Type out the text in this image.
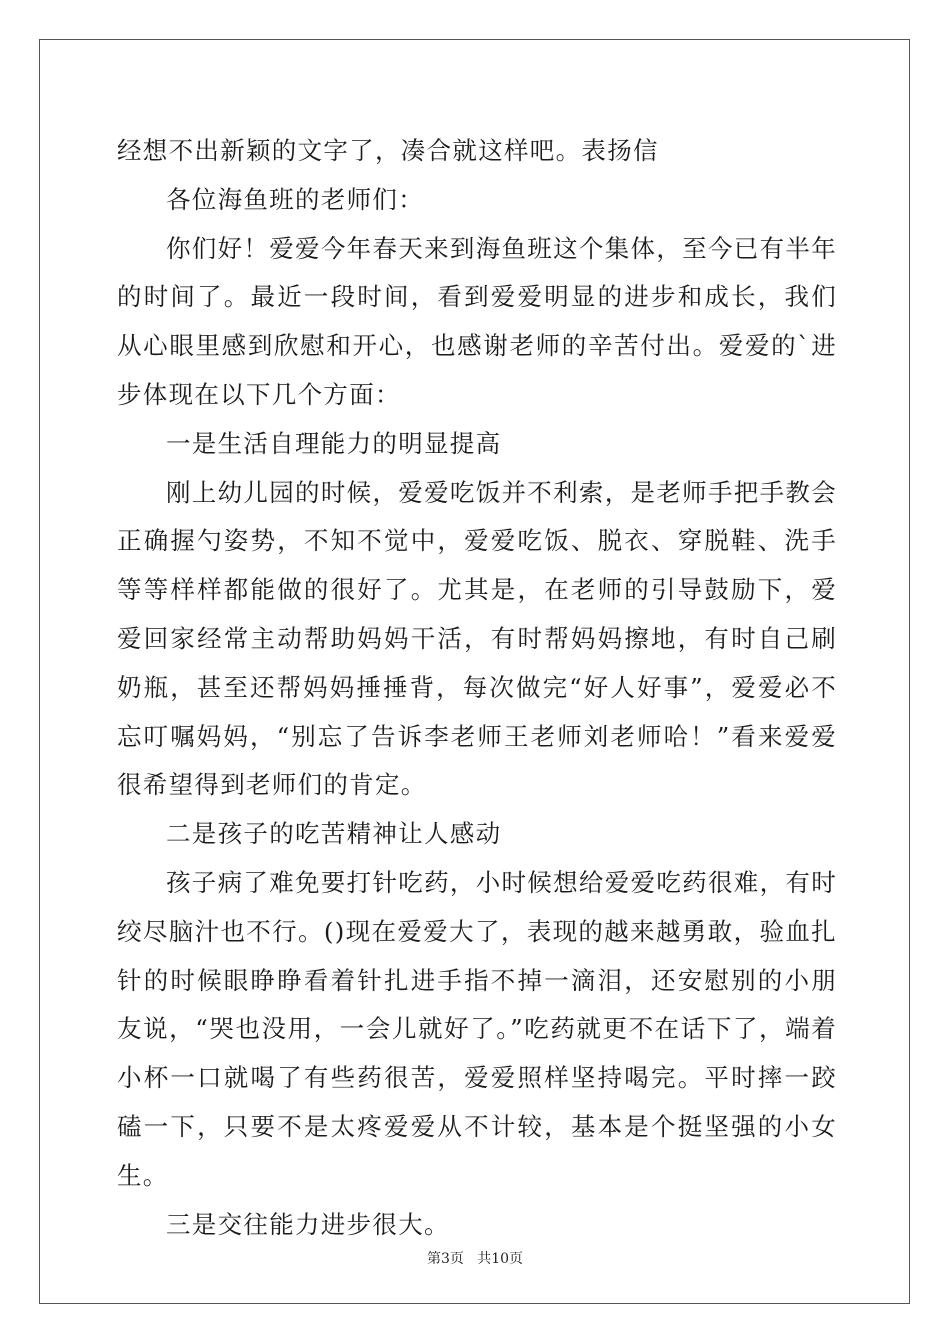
经想不出新颖的文字了，凑合就这样吧。表扬信

各位海鱼班的老师们：

你们好！爱爱今年春天来到海鱼班这个集体，至今已有半年的时间了。最近一段时间，看到爱爱明显的进步和成长，我们从心眼里感到欣慰和开心，也感谢老师的辛苦付出。爱爱的`进步体现在以下几个方面：

一是生活自理能力的明显提高

刚上幼儿园的时候，爱爱吃饭并不利索，是老师手把手教会正确握勺姿势，不知不觉中，爱爱吃饭、脱衣、穿脱鞋、洗手等等样样都能做的很好了。尤其是，在老师的引导鼓励下，爱爱回家经常主动帮助妈妈干活，有时帮妈妈擦地，有时自己刷奶瓶，甚至还帮妈妈捶捶背，每次做完“好人好事”，爱爱必不忘叮嘱妈妈，“别忘了告诉李老师王老师刘老师哈！”看来爱爱很希望得到老师们的肯定。

二是孩子的吃苦精神让人感动

孩子病了难免要打针吃药，小时候想给爱爱吃药很难，有时绞尽脑汁也不行。()现在爱爱大了，表现的越来越勇敢，验血扎针的时候眼睁睁看着针扎进手指不掉一滴泪，还安慰别的小朋友说，“哭也没用，一会儿就好了。”吃药就更不在话下了，端着小杯一口就喝了有些药很苦，爱爱照样坚持喝完。平时摔一跤磕一下，只要不是太疼爱爱从不计较，基本是个挺坚强的小女生。

三是交往能力进步很大。

第3页   共10页
